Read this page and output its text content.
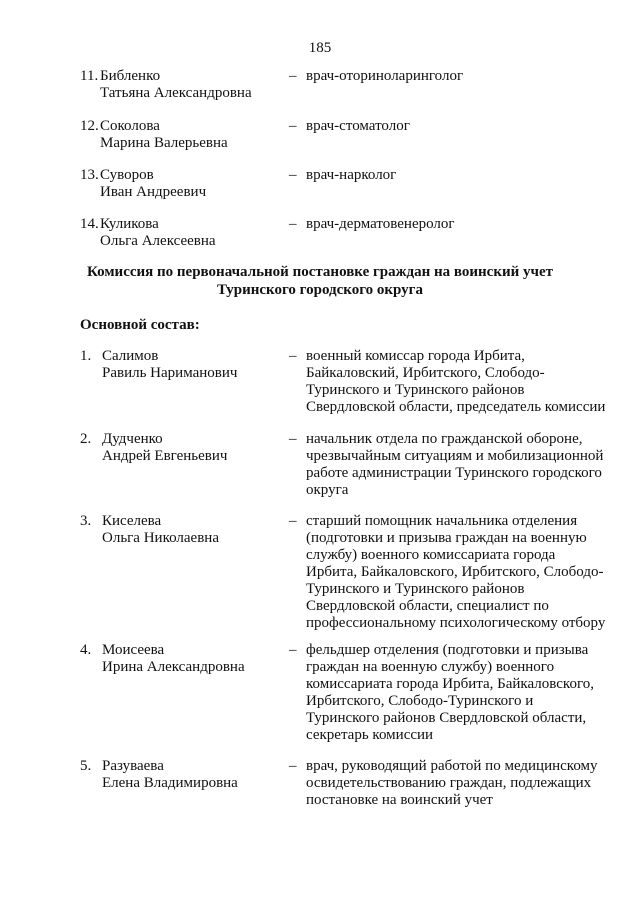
185
11. Библенко
Татьяна Александровна
– врач-оториноларинголог
12. Соколова
Марина Валерьевна
– врач-стоматолог
13. Суворов
Иван Андреевич
– врач-нарколог
14. Куликова
Ольга Алексеевна
– врач-дерматовенеролог
Комиссия по первоначальной постановке граждан на воинский учет
Туринского городского округа
Основной состав:
1. Салимов
Равиль Нариманович
– военный комиссар города Ирбита, Байкаловский, Ирбитского, Слободо-Туринского и Туринского районов Свердловской области, председатель комиссии
2. Дудченко
Андрей Евгеньевич
– начальник отдела по гражданской обороне, чрезвычайным ситуациям и мобилизационной работе администрации Туринского городского округа
3. Киселева
Ольга Николаевна
– старший помощник начальника отделения (подготовки и призыва граждан на военную службу) военного комиссариата города Ирбита, Байкаловского, Ирбитского, Слободо-Туринского и Туринского районов Свердловской области, специалист по профессиональному психологическому отбору
4. Моисеева
Ирина Александровна
– фельдшер отделения (подготовки и призыва граждан на военную службу) военного комиссариата города Ирбита, Байкаловского, Ирбитского, Слободо-Туринского и Туринского районов Свердловской области, секретарь комиссии
5. Разуваева
Елена Владимировна
– врач, руководящий работой по медицинскому освидетельствованию граждан, подлежащих постановке на воинский учет
